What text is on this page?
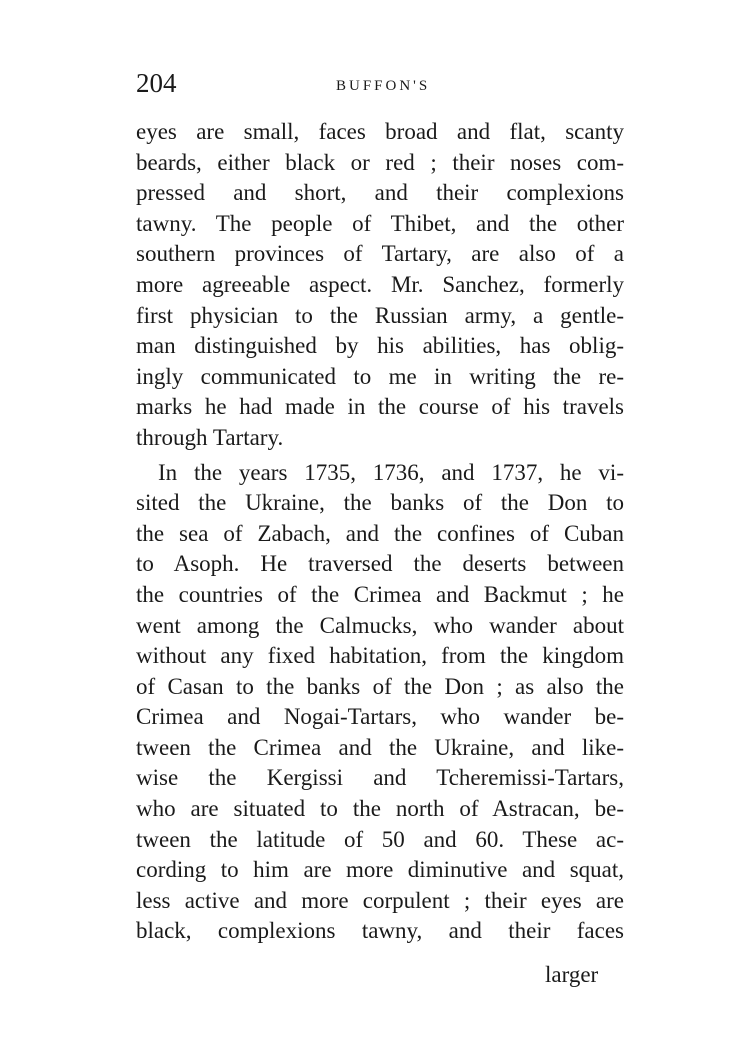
204	BUFFON'S
eyes are small, faces broad and flat, scanty
beards, either black or red ; their noses com-
pressed and short, and their complexions
tawny. The people of Thibet, and the other
southern provinces of Tartary, are also of a
more agreeable aspect. Mr. Sanchez, formerly
first physician to the Russian army, a gentle-
man distinguished by his abilities, has oblig-
ingly communicated to me in writing the re-
marks he had made in the course of his travels
through Tartary.
In the years 1735, 1736, and 1737, he vi-
sited the Ukraine, the banks of the Don to
the sea of Zabach, and the confines of Cuban
to Asoph. He traversed the deserts between
the countries of the Crimea and Backmut ; he
went among the Calmucks, who wander about
without any fixed habitation, from the kingdom
of Casan to the banks of the Don ; as also the
Crimea and Nogai-Tartars, who wander be-
tween the Crimea and the Ukraine, and like-
wise the Kergissi and Tcheremissi-Tartars,
who are situated to the north of Astracan, be-
tween the latitude of 50 and 60. These ac-
cording to him are more diminutive and squat,
less active and more corpulent ; their eyes are
black, complexions tawny, and their faces
larger
